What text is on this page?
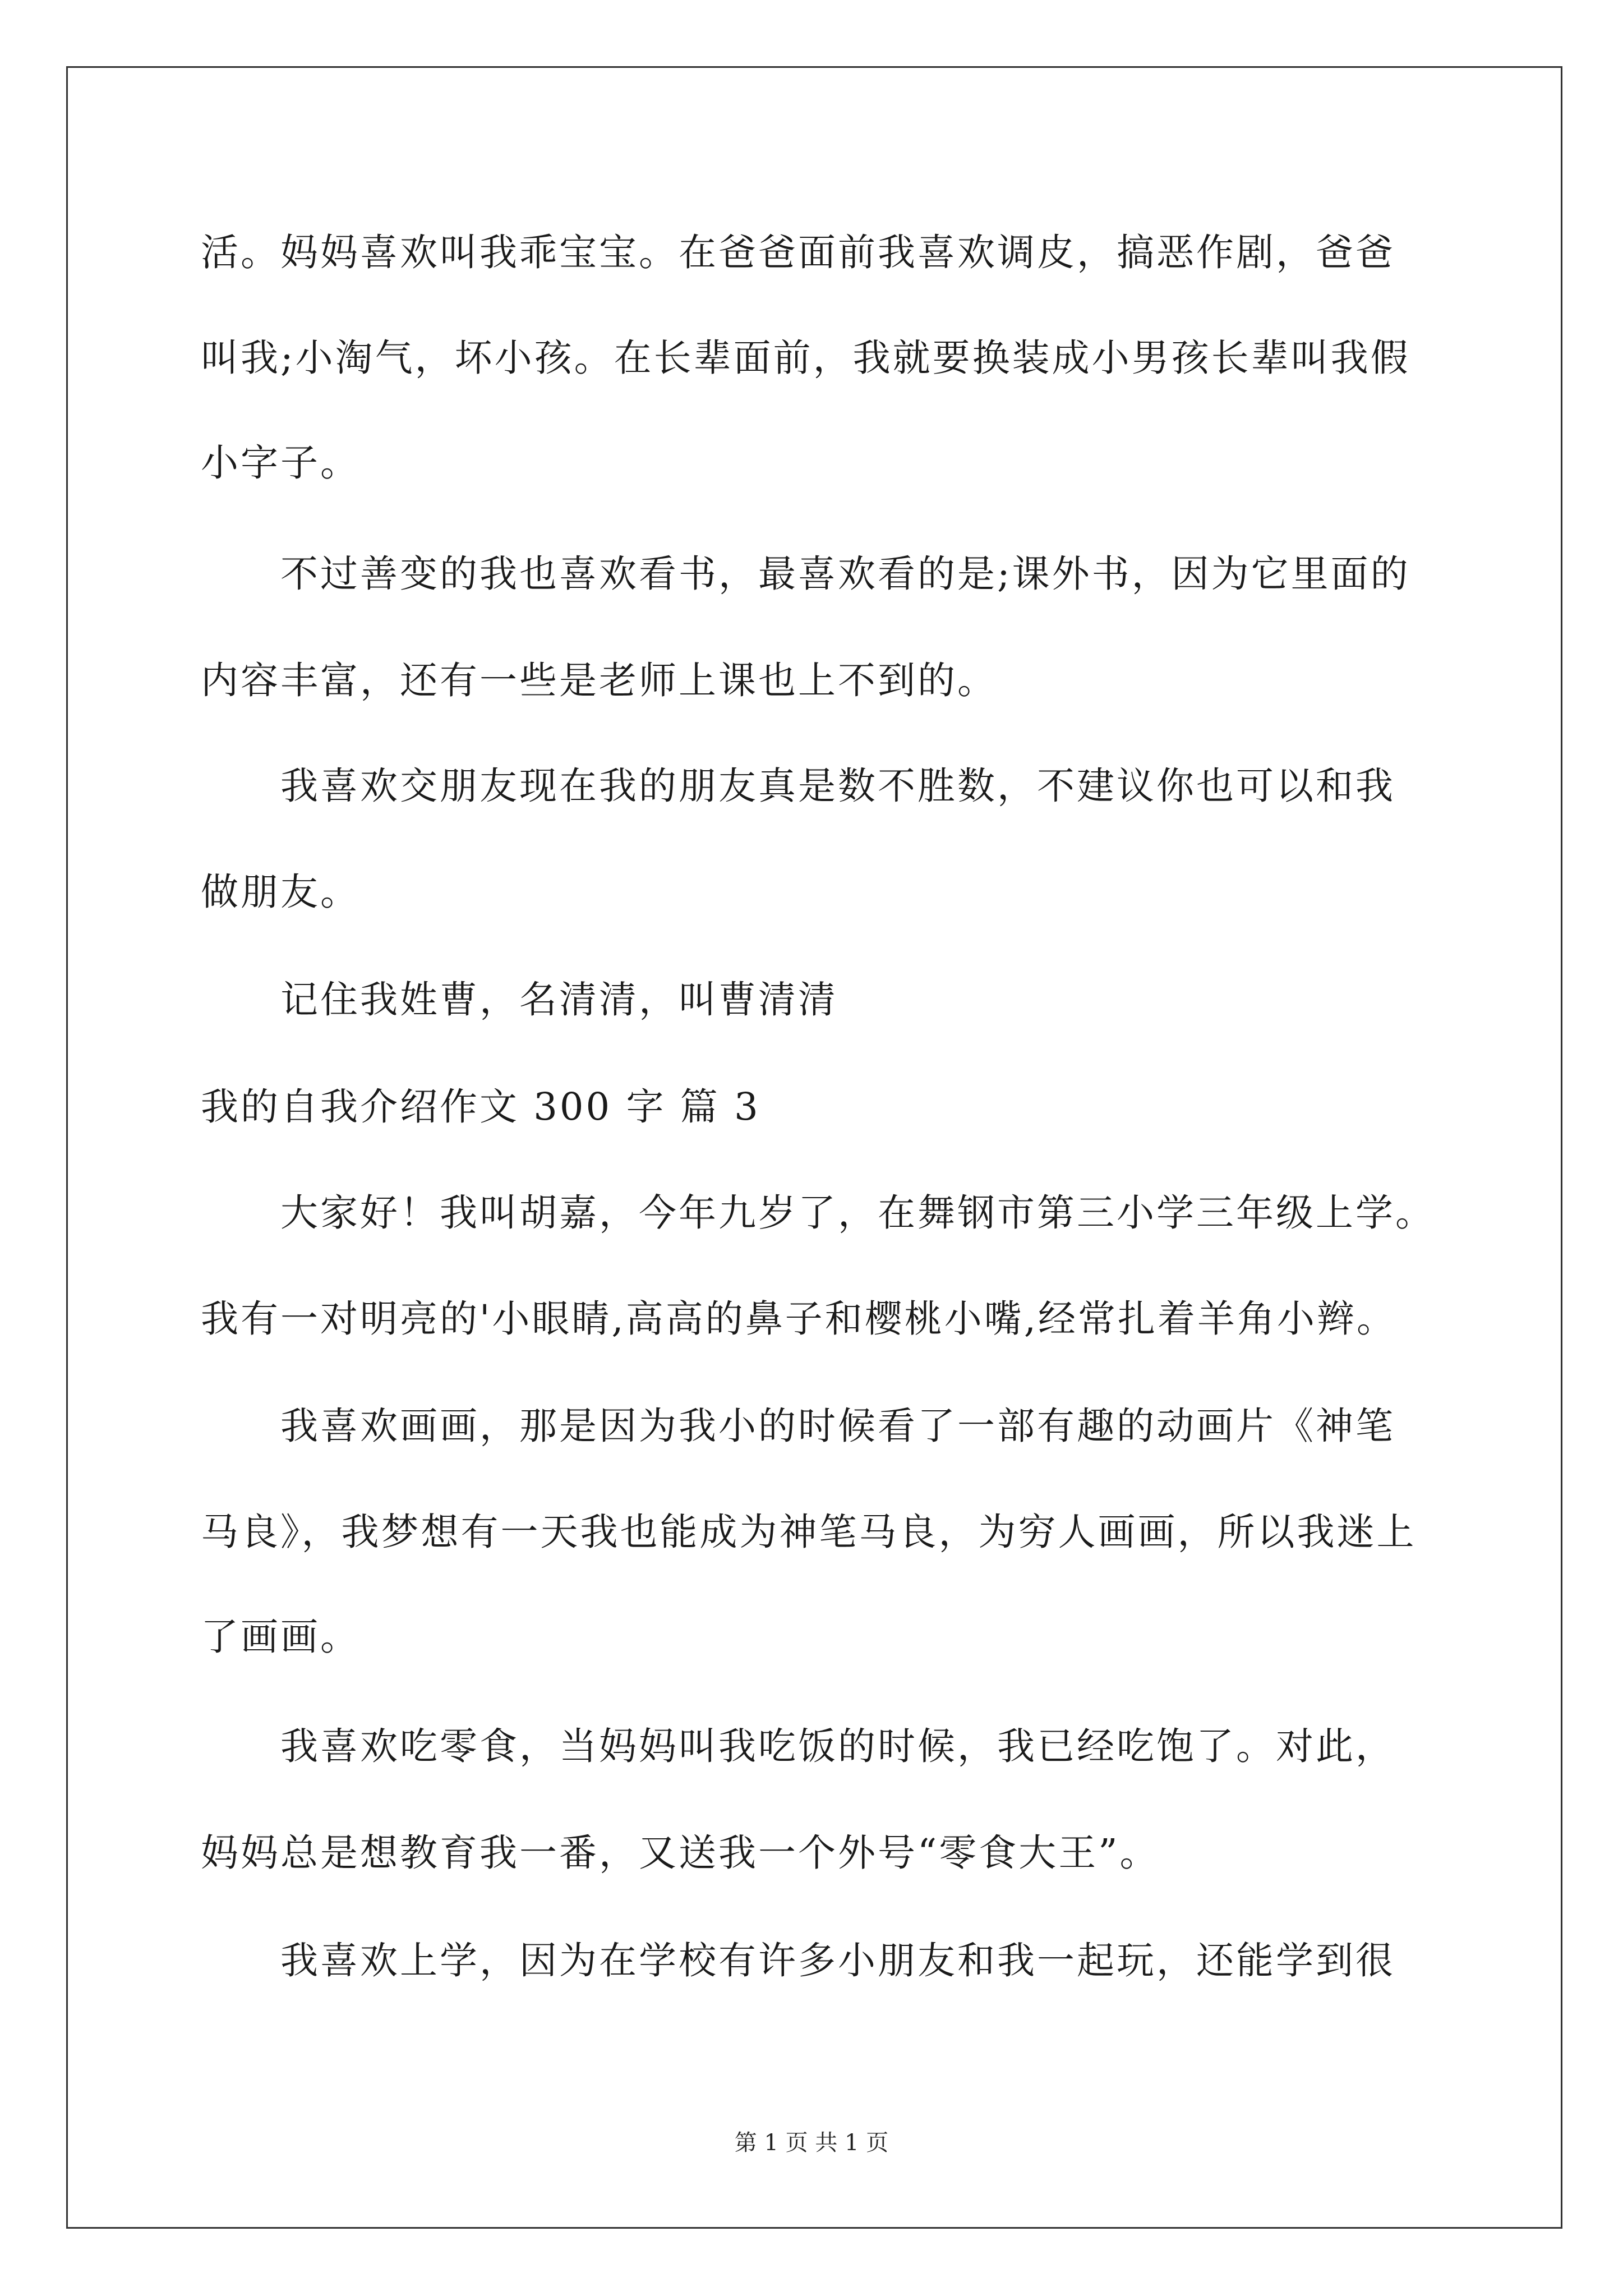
活。妈妈喜欢叫我乖宝宝。在爸爸面前我喜欢调皮，搞恶作剧，爸爸
叫我;小淘气，坏小孩。在长辈面前，我就要换装成小男孩长辈叫我假
小字子。
不过善变的我也喜欢看书，最喜欢看的是;课外书，因为它里面的
内容丰富，还有一些是老师上课也上不到的。
我喜欢交朋友现在我的朋友真是数不胜数，不建议你也可以和我
做朋友。
记住我姓曹，名清清，叫曹清清
我的自我介绍作文 300 字 篇 3
大家好！我叫胡嘉，今年九岁了，在舞钢市第三小学三年级上学。
我有一对明亮的'小眼睛,高高的鼻子和樱桃小嘴,经常扎着羊角小辫。
我喜欢画画，那是因为我小的时候看了一部有趣的动画片《神笔
马良》，我梦想有一天我也能成为神笔马良，为穷人画画，所以我迷上
了画画。
我喜欢吃零食，当妈妈叫我吃饭的时候，我已经吃饱了。对此，
妈妈总是想教育我一番，又送我一个外号“零食大王”。
我喜欢上学，因为在学校有许多小朋友和我一起玩，还能学到很
第 1 页 共 1 页
